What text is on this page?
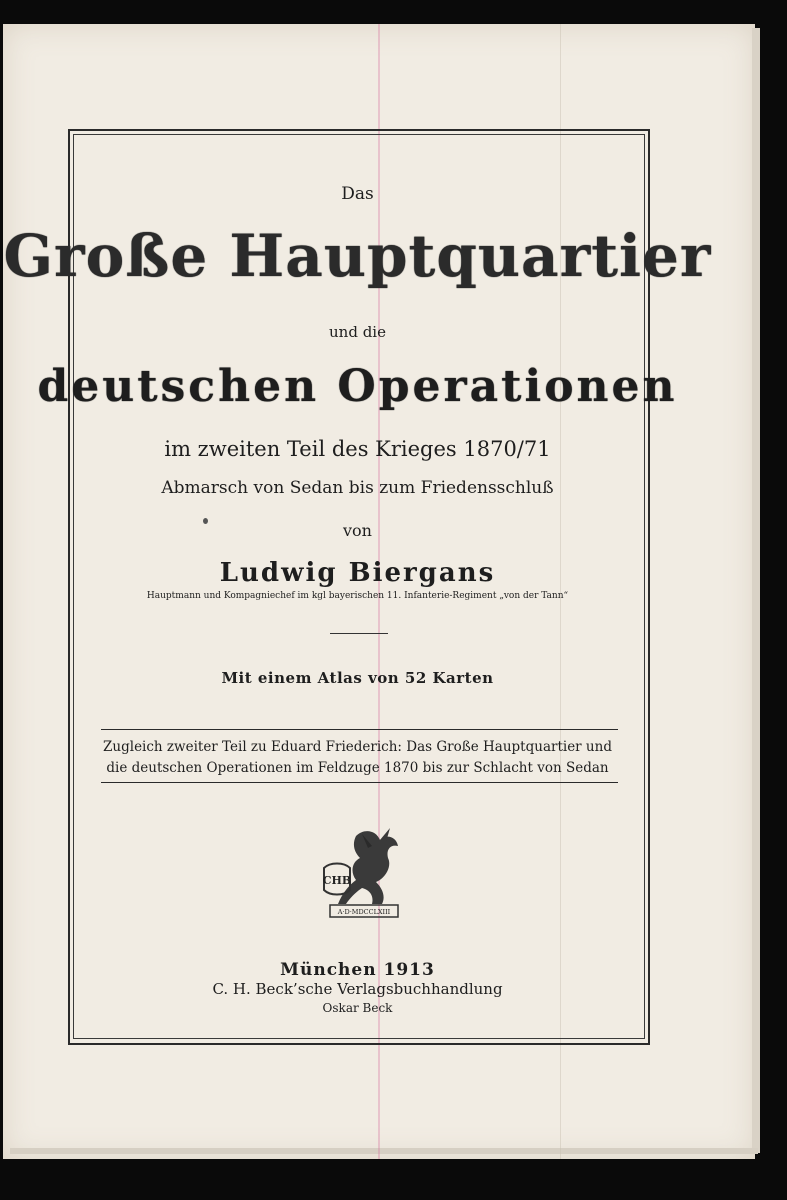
Das
Große Hauptquartier
und die
deutschen Operationen
im zweiten Teil des Krieges 1870/71
Abmarsch von Sedan bis zum Friedensschluß
von
Ludwig Biergans
Hauptmann und Kompagniechef im kgl bayerischen 11. Infanterie-Regiment „von der Tann“
Mit einem Atlas von 52 Karten
Zugleich zweiter Teil zu Eduard Friederich: Das Große Hauptquartier und
die deutschen Operationen im Feldzuge 1870 bis zur Schlacht von Sedan
CHB
A·D·MDCCLXIII
München 1913
C. H. Beck’sche Verlagsbuchhandlung
Oskar Beck
